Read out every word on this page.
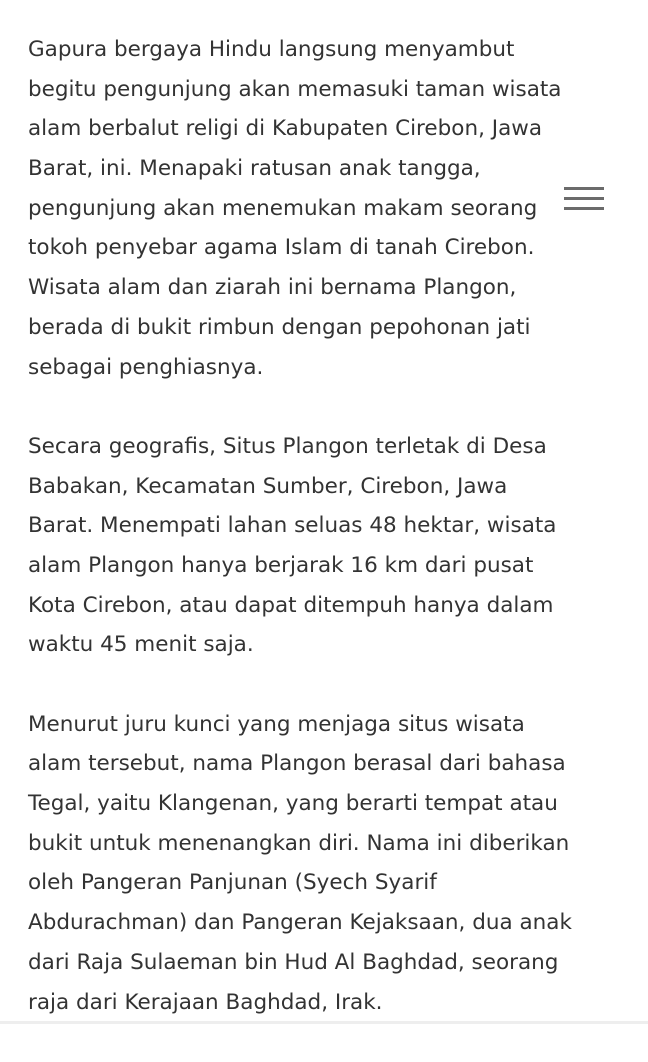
Gapura bergaya Hindu langsung menyambut
begitu pengunjung akan memasuki taman wisata
alam berbalut religi di Kabupaten Cirebon, Jawa
Barat, ini. Menapaki ratusan anak tangga,
pengunjung akan menemukan makam seorang
tokoh penyebar agama Islam di tanah Cirebon.
Wisata alam dan ziarah ini bernama Plangon,
berada di bukit rimbun dengan pepohonan jati
sebagai penghiasnya.

Secara geografis, Situs Plangon terletak di Desa
Babakan, Kecamatan Sumber, Cirebon, Jawa
Barat. Menempati lahan seluas 48 hektar, wisata
alam Plangon hanya berjarak 16 km dari pusat
Kota Cirebon, atau dapat ditempuh hanya dalam
waktu 45 menit saja.

Menurut juru kunci yang menjaga situs wisata
alam tersebut, nama Plangon berasal dari bahasa
Tegal, yaitu Klangenan, yang berarti tempat atau
bukit untuk menenangkan diri. Nama ini diberikan
oleh Pangeran Panjunan (Syech Syarif
Abdurachman) dan Pangeran Kejaksaan, dua anak
dari Raja Sulaeman bin Hud Al Baghdad, seorang
raja dari Kerajaan Baghdad, Irak.
